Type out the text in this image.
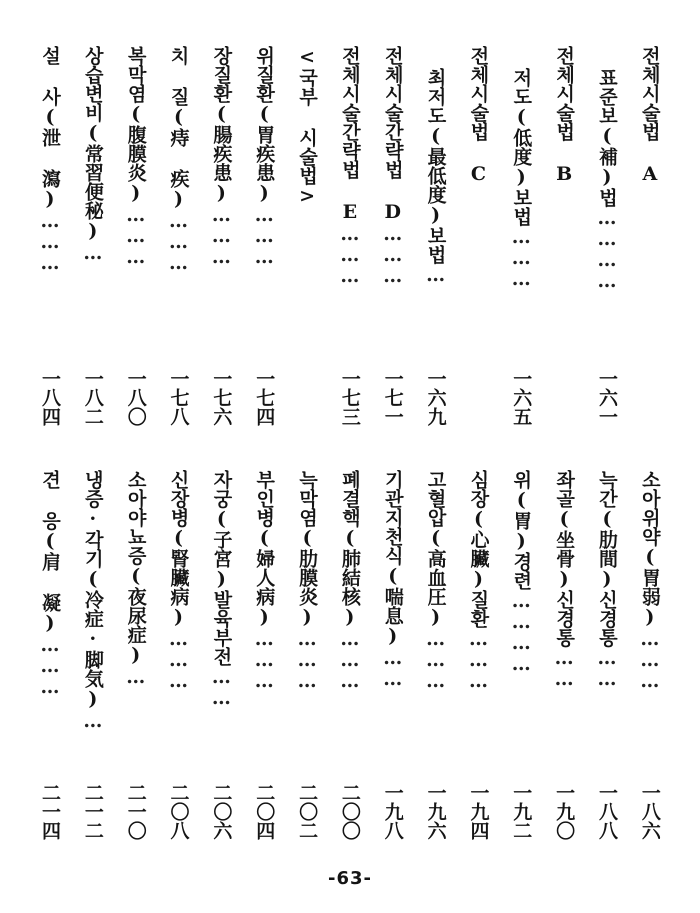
전체시술법 A
표준보(補)법…………
一六一
전체시술법 B
저도(低度)보법………
一六五
전체시술법 C
최저도(最低度)보법…
一六九
전체시술간략법 D………
一七一
전체시술간략법 E………
一七三
<국부 시술법>
위질환(胃疾患)………
一七四
장질환(腸疾患)………
一七六
치 질(痔 疾)………
一七八
복막염(腹膜炎)………
一八〇
상습변비(常習便秘)…
一八二
설 사(泄 瀉)………
一八四
소아위약(胃弱)………
一八六
늑간(肋間)신경통……
一八八
좌골(坐骨)신경통……
一九〇
위(胃)경련…………
一九二
심장(心臟)질환………
一九四
고혈압(高血圧)………
一九六
기관지천식(喘息)……
一九八
폐결핵(肺結核)………
二〇〇
늑막염(肋膜炎)………
二〇二
부인병(婦人病)………
二〇四
자궁(子宮)발육부전……
二〇六
신장병(腎臟病)………
二〇八
소아야뇨증(夜尿症)…
二一〇
냉증·각기(冷症·脚気)…
二一二
견 응(肩 凝)………
二一四
-63-
